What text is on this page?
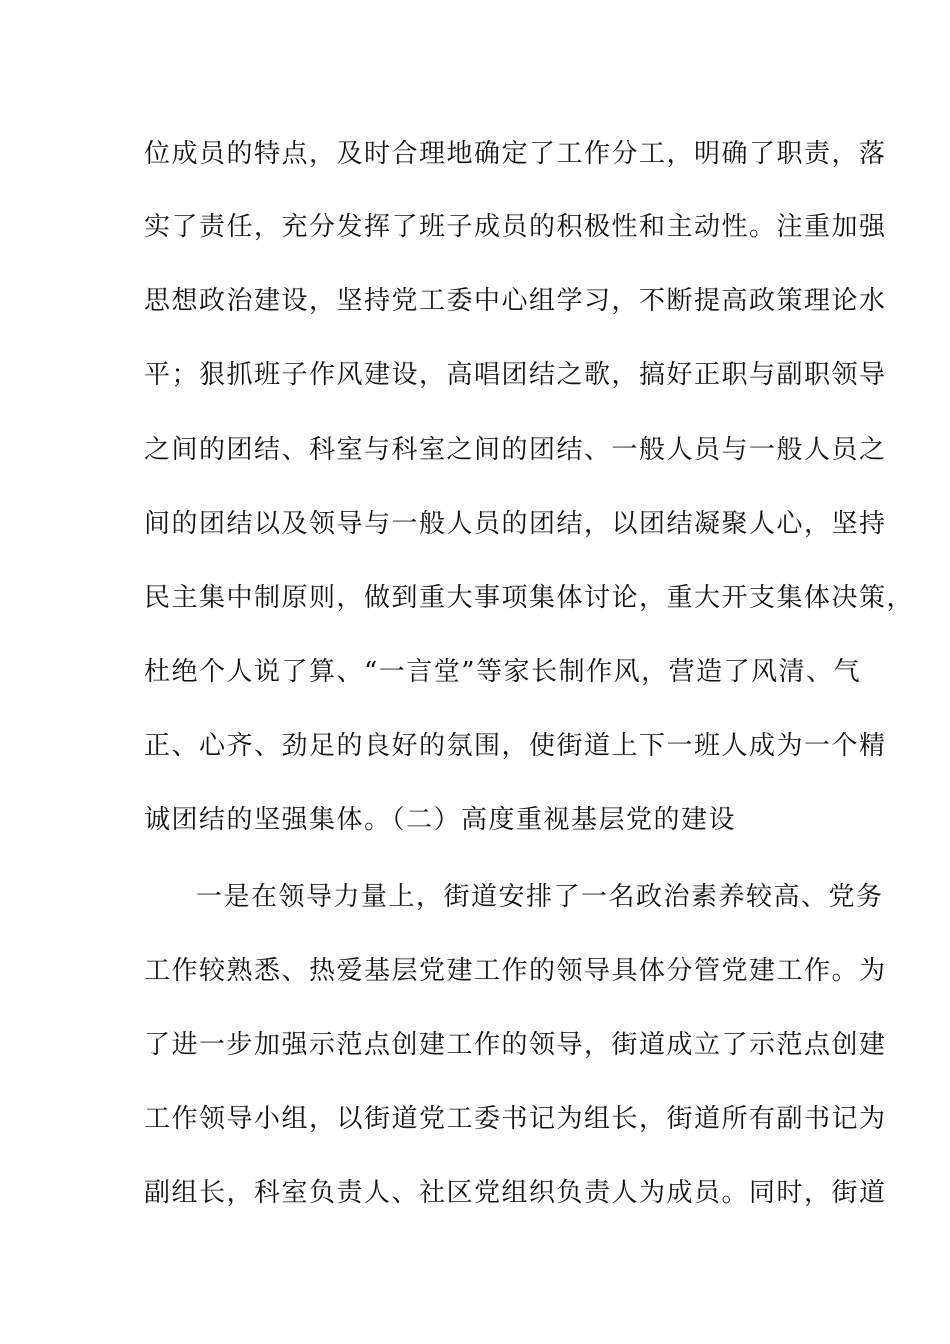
位成员的特点，及时合理地确定了工作分工，明确了职责，落
实了责任，充分发挥了班子成员的积极性和主动性。注重加强
思想政治建设，坚持党工委中心组学习，不断提高政策理论水
平；狠抓班子作风建设，高唱团结之歌，搞好正职与副职领导
之间的团结、科室与科室之间的团结、一般人员与一般人员之
间的团结以及领导与一般人员的团结，以团结凝聚人心，坚持
民主集中制原则，做到重大事项集体讨论，重大开支集体决策，
杜绝个人说了算、“一言堂”等家长制作风，营造了风清、气
正、心齐、劲足的良好的氛围，使街道上下一班人成为一个精
诚团结的坚强集体。（二）高度重视基层党的建设
一是在领导力量上，街道安排了一名政治素养较高、党务
工作较熟悉、热爱基层党建工作的领导具体分管党建工作。为
了进一步加强示范点创建工作的领导，街道成立了示范点创建
工作领导小组，以街道党工委书记为组长，街道所有副书记为
副组长，科室负责人、社区党组织负责人为成员。同时，街道
